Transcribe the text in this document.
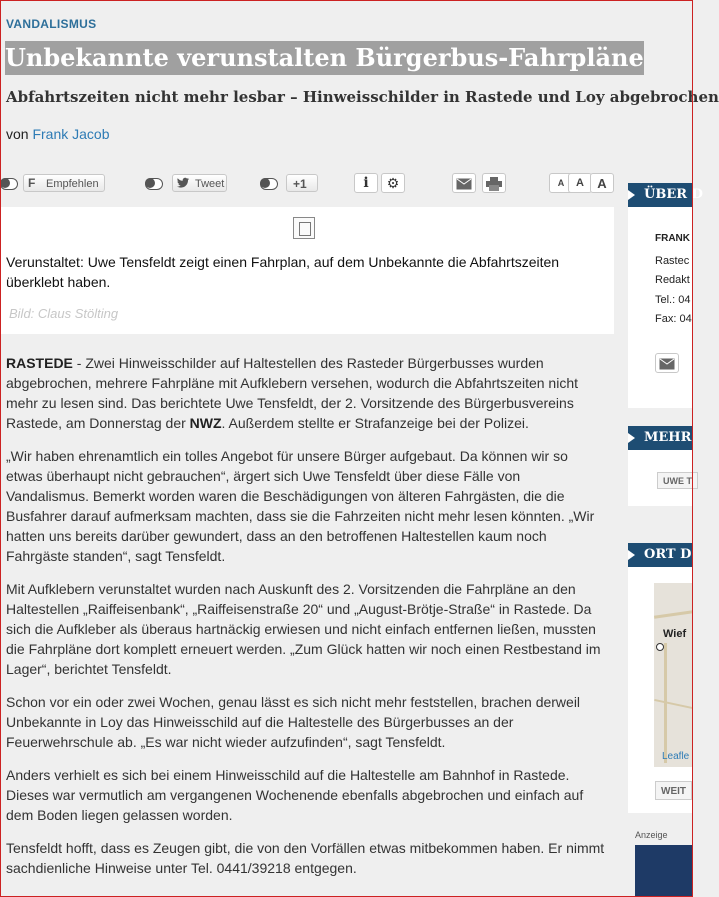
VANDALISMUS
Unbekannte verunstalten Bürgerbus-Fahrpläne
Abfahrtszeiten nicht mehr lesbar – Hinweisschilder in Rastede und Loy abgebrochen
von Frank Jacob
F Empfehlen	Tweet	+1	i	⚙	A	A	A
Verunstaltet: Uwe Tensfeldt zeigt einen Fahrplan, auf dem Unbekannte die Abfahrtszeiten überklebt haben.
Bild: Claus Stölting

RASTEDE - Zwei Hinweisschilder auf Haltestellen des Rasteder Bürgerbusses wurden abgebrochen, mehrere Fahrpläne mit Aufklebern versehen, wodurch die Abfahrtszeiten nicht mehr zu lesen sind. Das berichtete Uwe Tensfeldt, der 2. Vorsitzende des Bürgerbusvereins Rastede, am Donnerstag der NWZ. Außerdem stellte er Strafanzeige bei der Polizei.

„Wir haben ehrenamtlich ein tolles Angebot für unsere Bürger aufgebaut. Da können wir so etwas überhaupt nicht gebrauchen“, ärgert sich Uwe Tensfeldt über diese Fälle von Vandalismus. Bemerkt worden waren die Beschädigungen von älteren Fahrgästen, die die Busfahrer darauf aufmerksam machten, dass sie die Fahrzeiten nicht mehr lesen könnten. „Wir hatten uns bereits darüber gewundert, dass an den betroffenen Haltestellen kaum noch Fahrgäste standen“, sagt Tensfeldt.

Mit Aufklebern verunstaltet wurden nach Auskunft des 2. Vorsitzenden die Fahrpläne an den Haltestellen „Raiffeisenbank“, „Raiffeisenstraße 20“ und „August-Brötje-Straße“ in Rastede. Da sich die Aufkleber als überaus hartnäckig erwiesen und nicht einfach entfernen ließen, mussten die Fahrpläne dort komplett erneuert werden. „Zum Glück hatten wir noch einen Restbestand im Lager“, berichtet Tensfeldt.

Schon vor ein oder zwei Wochen, genau lässt es sich nicht mehr feststellen, brachen derweil Unbekannte in Loy das Hinweisschild auf die Haltestelle des Bürgerbusses an der Feuerwehrschule ab. „Es war nicht wieder aufzufinden“, sagt Tensfeldt.

Anders verhielt es sich bei einem Hinweisschild auf die Haltestelle am Bahnhof in Rastede. Dieses war vermutlich am vergangenen Wochenende ebenfalls abgebrochen und einfach auf dem Boden liegen gelassen worden.

Tensfeldt hofft, dass es Zeugen gibt, die von den Vorfällen etwas mitbekommen haben. Er nimmt sachdienliche Hinweise unter Tel. 0441/39218 entgegen.

ÜBER D
FRANK
Rastec
Redakt
Tel.: 04
Fax: 04
MEHR
UWE T
ORT D
Wief
Leafle
WEIT
Anzeige
